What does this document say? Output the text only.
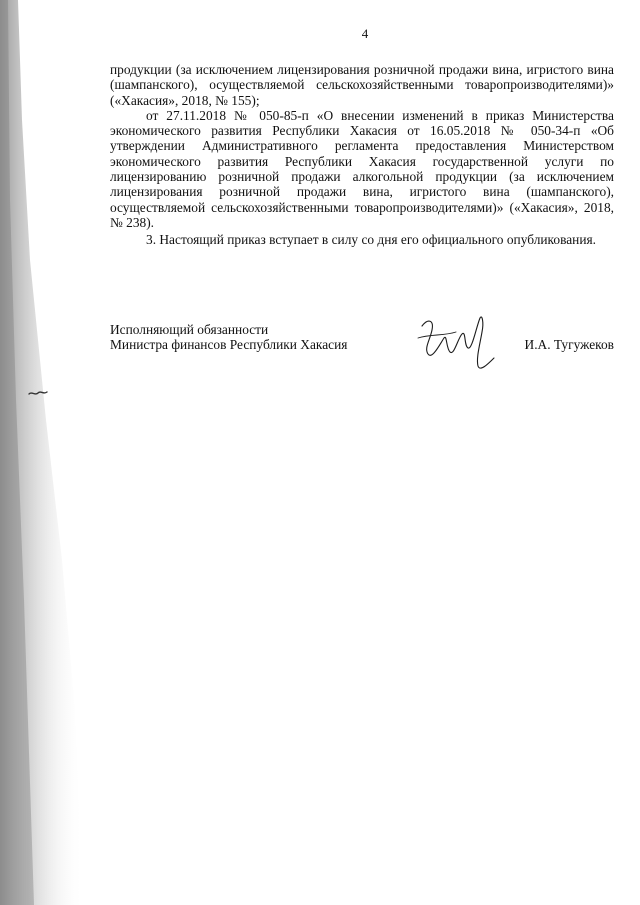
4

продукции (за исключением лицензирования розничной продажи вина, игристого вина (шампанского), осуществляемой сельскохозяйственными товаропроизводителями)» («Хакасия», 2018, № 155);

от 27.11.2018 № 050-85-п «О внесении изменений в приказ Министерства экономического развития Республики Хакасия от 16.05.2018 № 050-34-п «Об утверждении Административного регламента предоставления Министерством экономического развития Республики Хакасия государственной услуги по лицензированию розничной продажи алкогольной продукции (за исключением лицензирования розничной продажи вина, игристого вина (шампанского), осуществляемой сельскохозяйственными товаропроизводителями)» («Хакасия», 2018, № 238).

3. Настоящий приказ вступает в силу со дня его официального опубликования.

Исполняющий обязанности
Министра финансов Республики Хакасия	И.А. Тугужеков
